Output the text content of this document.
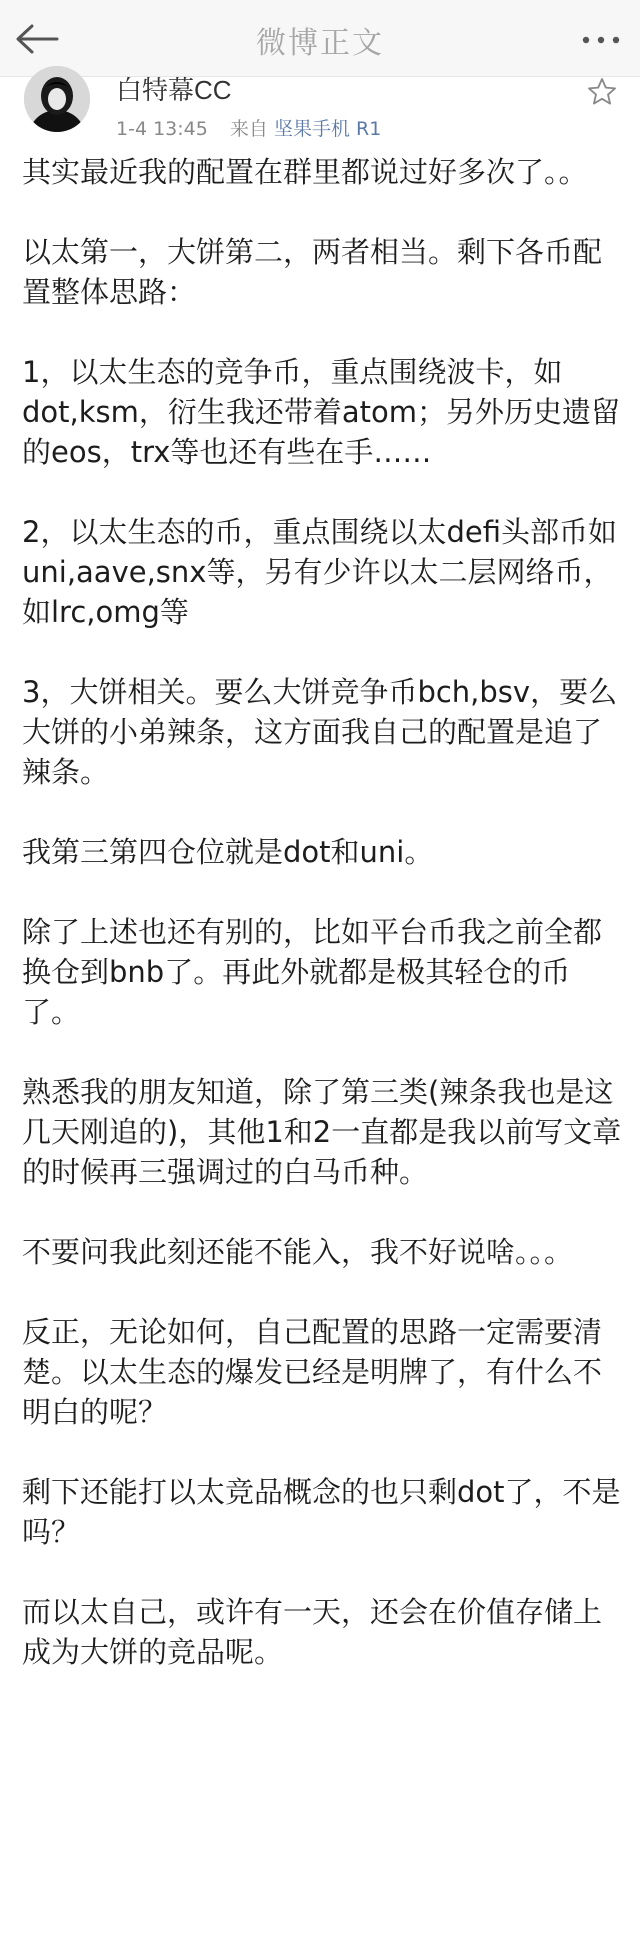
微博正文
白特幕CC
1-4 13:45 来自 坚果手机 R1

其实最近我的配置在群里都说过好多次了。。

以太第一，大饼第二，两者相当。剩下各币配置整体思路：

1，以太生态的竞争币，重点围绕波卡，如dot,ksm，衍生我还带着atom；另外历史遗留的eos，trx等也还有些在手……

2，以太生态的币，重点围绕以太defi头部币如uni,aave,snx等，另有少许以太二层网络币，如lrc,omg等

3，大饼相关。要么大饼竞争币bch,bsv，要么大饼的小弟辣条，这方面我自己的配置是追了辣条。

我第三第四仓位就是dot和uni。

除了上述也还有别的，比如平台币我之前全都换仓到bnb了。再此外就都是极其轻仓的币了。

熟悉我的朋友知道，除了第三类(辣条我也是这几天刚追的)，其他1和2一直都是我以前写文章的时候再三强调过的白马币种。

不要问我此刻还能不能入，我不好说啥。。。

反正，无论如何，自己配置的思路一定需要清楚。以太生态的爆发已经是明牌了，有什么不明白的呢？

剩下还能打以太竞品概念的也只剩dot了，不是吗？

而以太自己，或许有一天，还会在价值存储上成为大饼的竞品呢。
